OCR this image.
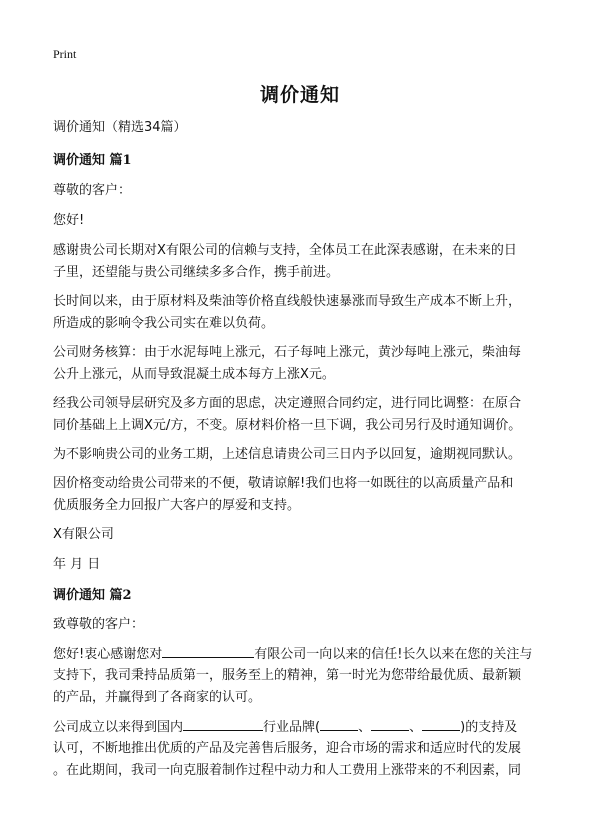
Print
调价通知
调价通知（精选34篇）
调价通知 篇1
尊敬的客户：
您好!
感谢贵公司长期对X有限公司的信赖与支持，全体员工在此深表感谢，在未来的日
子里，还望能与贵公司继续多多合作，携手前进。
长时间以来，由于原材料及柴油等价格直线般快速暴涨而导致生产成本不断上升，
所造成的影响令我公司实在难以负荷。
公司财务核算：由于水泥每吨上涨元，石子每吨上涨元，黄沙每吨上涨元，柴油每
公升上涨元，从而导致混凝土成本每方上涨X元。
经我公司领导层研究及多方面的思虑，决定遵照合同约定，进行同比调整：在原合
同价基础上上调X元/方，不变。原材料价格一旦下调，我公司另行及时通知调价。
为不影响贵公司的业务工期，上述信息请贵公司三日内予以回复，逾期视同默认。
因价格变动给贵公司带来的不便，敬请谅解!我们也将一如既往的以高质量产品和
优质服务全力回报广大客户的厚爱和支持。
X有限公司
年 月 日
调价通知 篇2
致尊敬的客户：
您好!衷心感谢您对	有限公司一向以来的信任!长久以来在您的关注与
支持下，我司秉持品质第一，服务至上的精神，第一时光为您带给最优质、最新颖
的产品，并赢得到了各商家的认可。
公司成立以来得到国内	行业品牌(	、	、	)的支持及
认可，不断地推出优质的产品及完善售后服务，迎合市场的需求和适应时代的发展
。在此期间，我司一向克服着制作过程中动力和人工费用上涨带来的不利因素，同
